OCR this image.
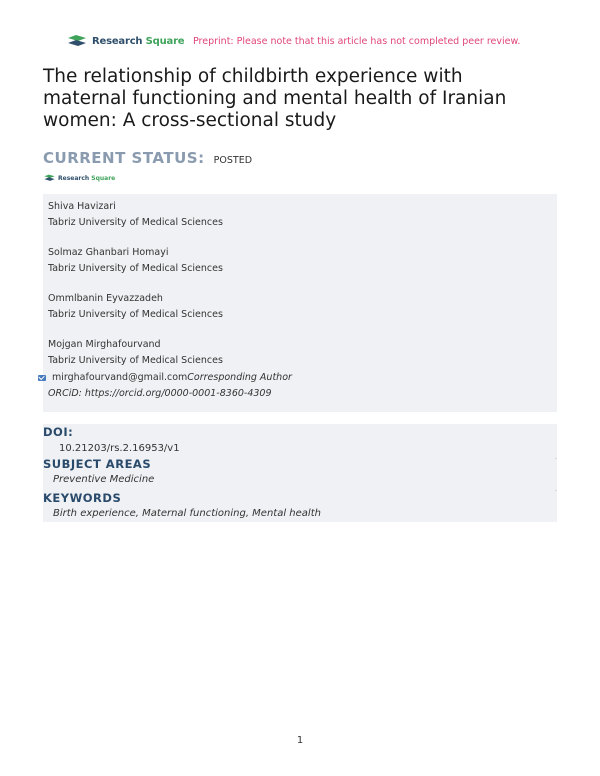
Research Square Preprint: Please note that this article has not completed peer review.
The relationship of childbirth experience with maternal functioning and mental health of Iranian women: A cross-sectional study
CURRENT STATUS: POSTED
Research Square
Shiva Havizari
Tabriz University of Medical Sciences
Solmaz Ghanbari Homayi
Tabriz University of Medical Sciences
Ommlbanin Eyvazzadeh
Tabriz University of Medical Sciences
Mojgan Mirghafourvand
Tabriz University of Medical Sciences
mirghafourvand@gmail.com Corresponding Author
ORCiD: https://orcid.org/0000-0001-8360-4309
DOI:
10.21203/rs.2.16953/v1
SUBJECT AREAS
Preventive Medicine
KEYWORDS
Birth experience, Maternal functioning, Mental health
1
